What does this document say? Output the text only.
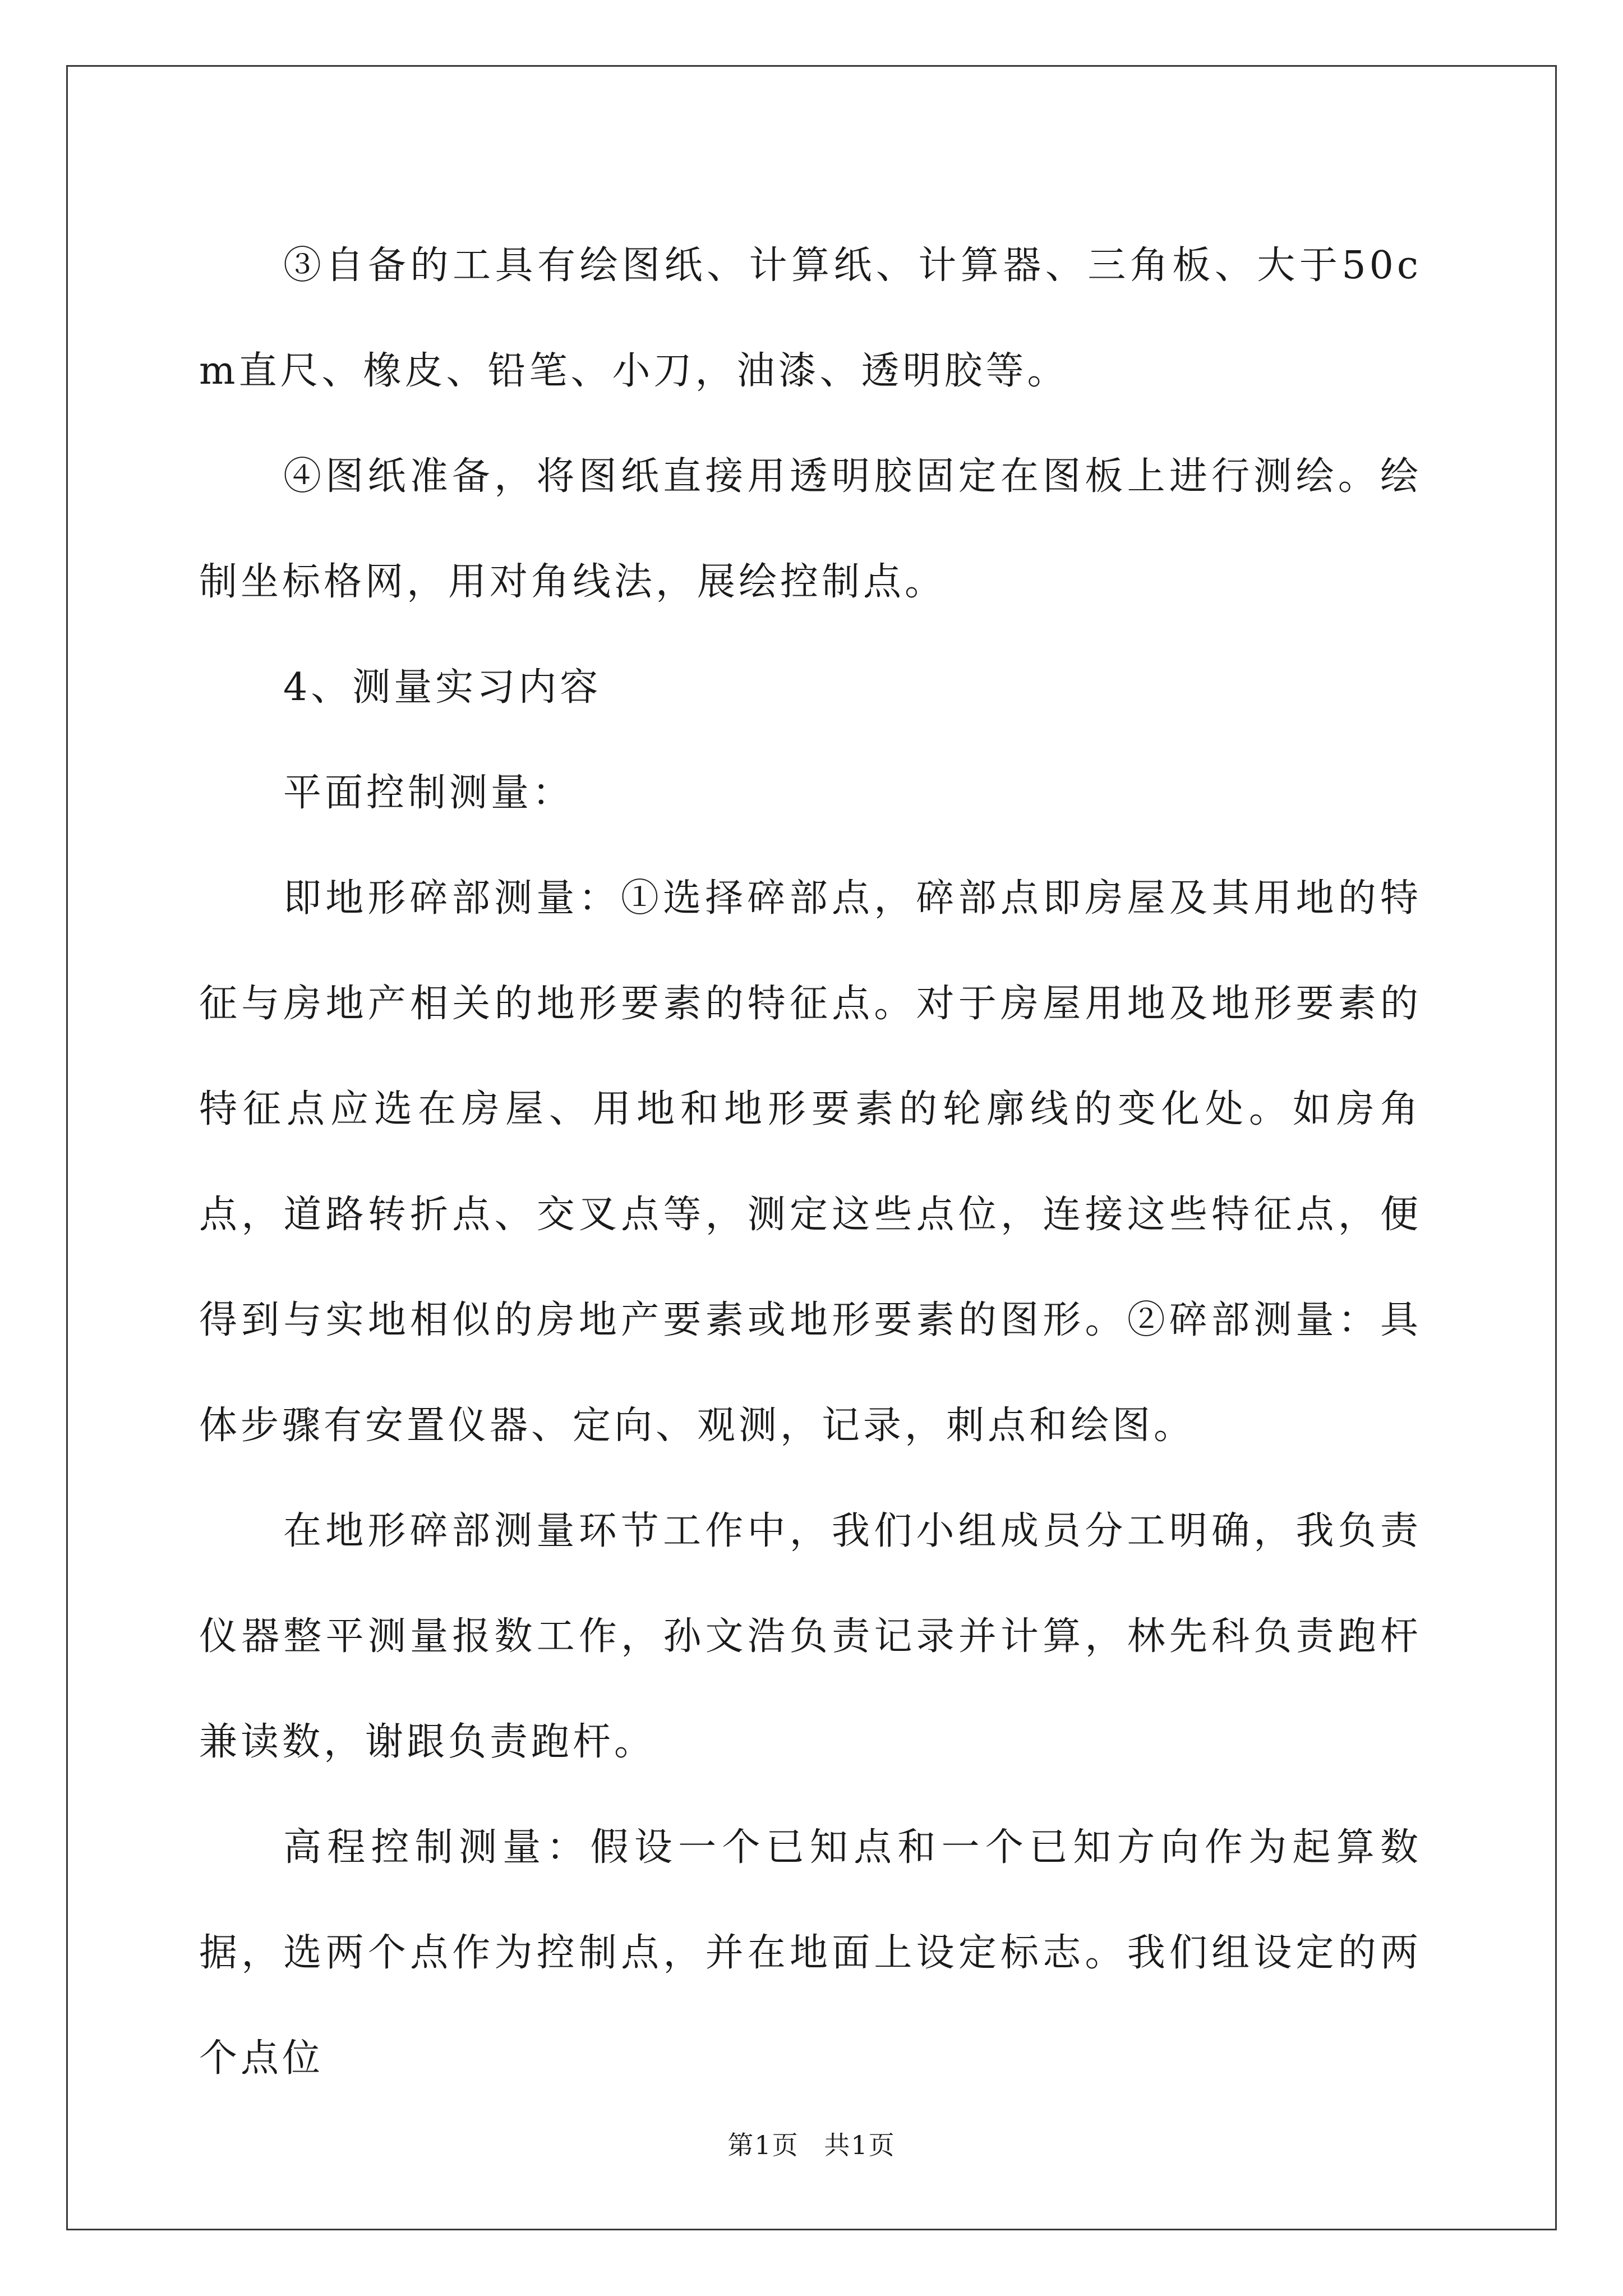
③自备的工具有绘图纸、计算纸、计算器、三角板、大于50cm直尺、橡皮、铅笔、小刀，油漆、透明胶等。

④图纸准备，将图纸直接用透明胶固定在图板上进行测绘。绘制坐标格网，用对角线法，展绘控制点。

4、测量实习内容

平面控制测量：

即地形碎部测量：①选择碎部点，碎部点即房屋及其用地的特征与房地产相关的地形要素的特征点。对于房屋用地及地形要素的特征点应选在房屋、用地和地形要素的轮廓线的变化处。如房角点，道路转折点、交叉点等，测定这些点位，连接这些特征点，便得到与实地相似的房地产要素或地形要素的图形。②碎部测量：具体步骤有安置仪器、定向、观测，记录，刺点和绘图。

在地形碎部测量环节工作中，我们小组成员分工明确，我负责仪器整平测量报数工作，孙文浩负责记录并计算，林先科负责跑杆兼读数，谢跟负责跑杆。

高程控制测量：假设一个已知点和一个已知方向作为起算数据，选两个点作为控制点，并在地面上设定标志。我们组设定的两个点位

第1页 共1页
